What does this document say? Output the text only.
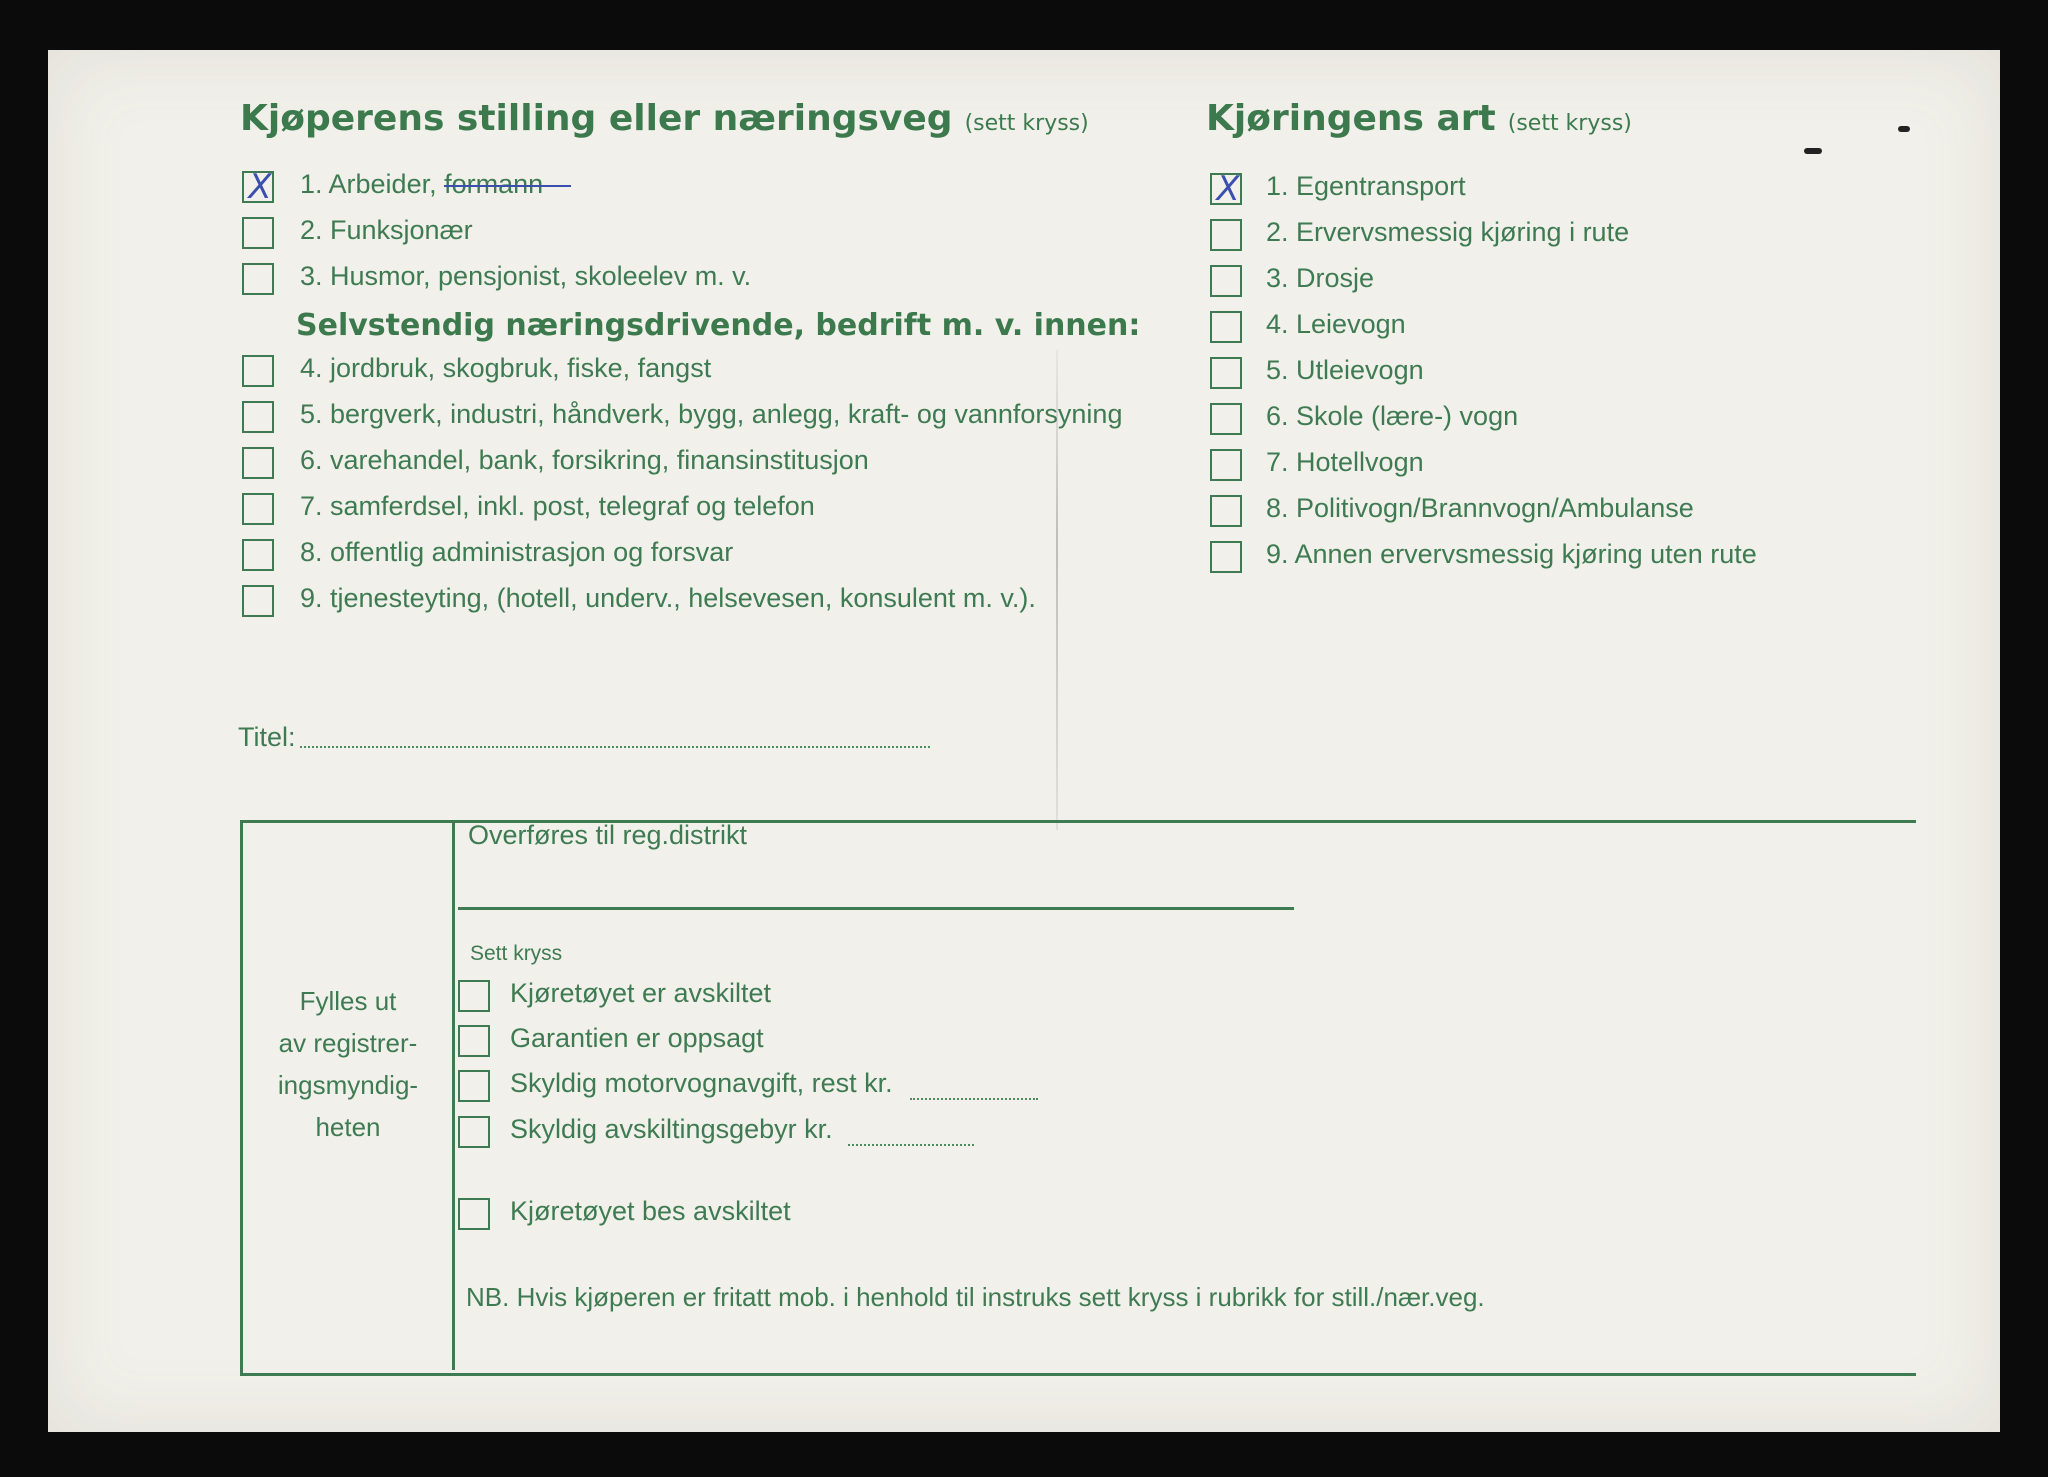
Kjøperens stilling eller næringsveg (sett kryss)
X 1. Arbeider, formann
2. Funksjonær
3. Husmor, pensjonist, skoleelev m. v.
Selvstendig næringsdrivende, bedrift m. v. innen:
4. jordbruk, skogbruk, fiske, fangst
5. bergverk, industri, håndverk, bygg, anlegg, kraft- og vannforsyning
6. varehandel, bank, forsikring, finansinstitusjon
7. samferdsel, inkl. post, telegraf og telefon
8. offentlig administrasjon og forsvar
9. tjenesteyting, (hotell, underv., helsevesen, konsulent m. v.).
Titel:
Kjøringens art (sett kryss)
X 1. Egentransport
2. Ervervsmessig kjøring i rute
3. Drosje
4. Leievogn
5. Utleievogn
6. Skole (lære-) vogn
7. Hotellvogn
8. Politivogn/Brannvogn/Ambulanse
9. Annen ervervsmessig kjøring uten rute
Fylles ut
av registrer-
ingsmyndig-
heten
Overføres til reg.distrikt
Sett kryss
Kjøretøyet er avskiltet
Garantien er oppsagt
Skyldig motorvognavgift, rest kr.
Skyldig avskiltingsgebyr kr.
Kjøretøyet bes avskiltet
NB. Hvis kjøperen er fritatt mob. i henhold til instruks sett kryss i rubrikk for still./nær.veg.
